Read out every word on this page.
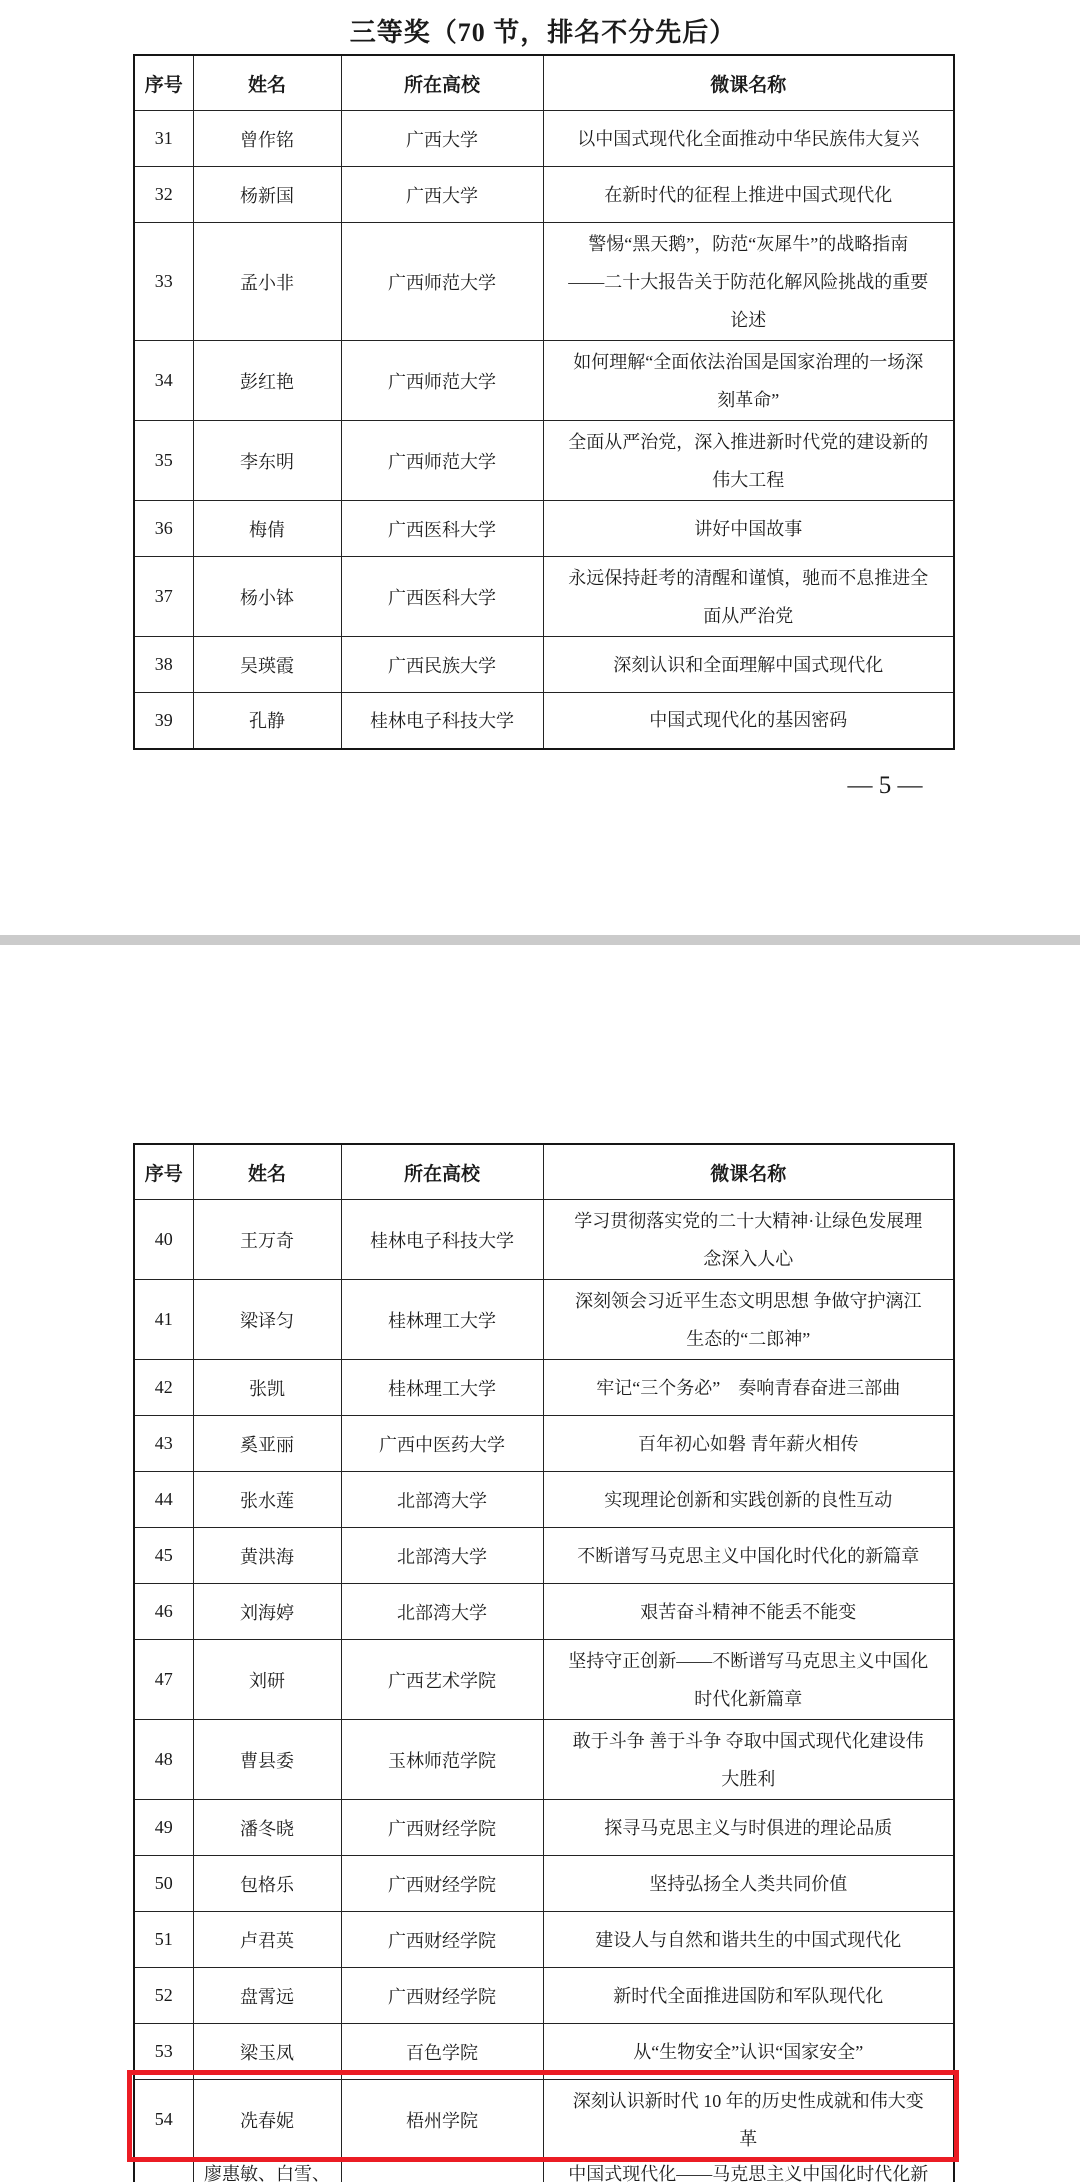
三等奖（70 节，排名不分先后）
序号	姓名	所在高校	微课名称
31	曾作铭	广西大学	以中国式现代化全面推动中华民族伟大复兴

32	杨新国	广西大学	在新时代的征程上推进中国式现代化

33	孟小非	广西师范大学	警惕“黑天鹅”，防范“灰犀牛”的战略指南
——二十大报告关于防范化解风险挑战的重要
论述

34	彭红艳	广西师范大学	如何理解“全面依法治国是国家治理的一场深
刻革命”

35	李东明	广西师范大学	全面从严治党，深入推进新时代党的建设新的
伟大工程

36	梅倩	广西医科大学	讲好中国故事

37	杨小钵	广西医科大学	永远保持赶考的清醒和谨慎，驰而不息推进全
面从严治党

38	吴瑛霞	广西民族大学	深刻认识和全面理解中国式现代化

39	孔静	桂林电子科技大学	中国式现代化的基因密码
— 5 —
序号	姓名	所在高校	微课名称
40	王万奇	桂林电子科技大学	学习贯彻落实党的二十大精神·让绿色发展理
念深入人心

41	梁译匀	桂林理工大学	深刻领会习近平生态文明思想 争做守护漓江
生态的“二郎神”

42	张凯	桂林理工大学	牢记“三个务必”　奏响青春奋进三部曲

43	奚亚丽	广西中医药大学	百年初心如磐 青年薪火相传

44	张水莲	北部湾大学	实现理论创新和实践创新的良性互动

45	黄洪海	北部湾大学	不断谱写马克思主义中国化时代化的新篇章

46	刘海婷	北部湾大学	艰苦奋斗精神不能丢不能变

47	刘研	广西艺术学院	坚持守正创新——不断谱写马克思主义中国化
时代化新篇章

48	曹县委	玉林师范学院	敢于斗争 善于斗争 夺取中国式现代化建设伟
大胜利

49	潘冬晓	广西财经学院	探寻马克思主义与时俱进的理论品质

50	包格乐	广西财经学院	坚持弘扬全人类共同价值

51	卢君英	广西财经学院	建设人与自然和谐共生的中国式现代化

52	盘霄远	广西财经学院	新时代全面推进国防和军队现代化

53	梁玉凤	百色学院	从“生物安全”认识“国家安全”

54	冼春妮	梧州学院	深刻认识新时代 10 年的历史性成就和伟大变
革

	廖惠敏、白雪、		中国式现代化——马克思主义中国化时代化新
